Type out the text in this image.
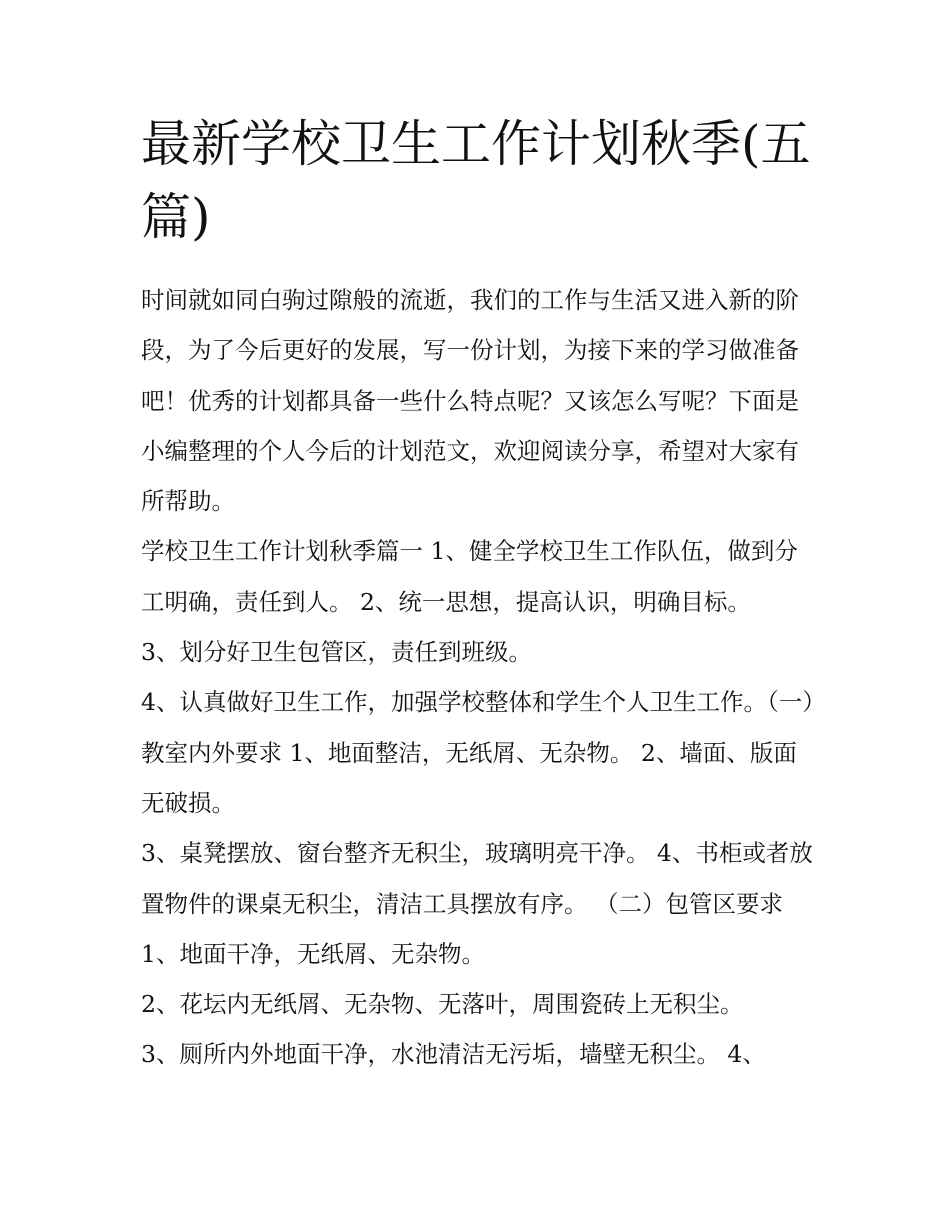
最新学校卫生工作计划秋季(五篇)

时间就如同白驹过隙般的流逝，我们的工作与生活又进入新的阶段，为了今后更好的发展，写一份计划，为接下来的学习做准备吧！优秀的计划都具备一些什么特点呢？又该怎么写呢？下面是小编整理的个人今后的计划范文，欢迎阅读分享，希望对大家有所帮助。

学校卫生工作计划秋季篇一 1、健全学校卫生工作队伍，做到分工明确，责任到人。 2、统一思想，提高认识，明确目标。

3、划分好卫生包管区，责任到班级。

4、认真做好卫生工作，加强学校整体和学生个人卫生工作。（一）教室内外要求 1、地面整洁，无纸屑、无杂物。 2、墙面、版面无破损。

3、桌凳摆放、窗台整齐无积尘，玻璃明亮干净。 4、书柜或者放置物件的课桌无积尘，清洁工具摆放有序。 （二）包管区要求 1、地面干净，无纸屑、无杂物。

2、花坛内无纸屑、无杂物、无落叶，周围瓷砖上无积尘。

3、厕所内外地面干净，水池清洁无污垢，墙壁无积尘。 4、
